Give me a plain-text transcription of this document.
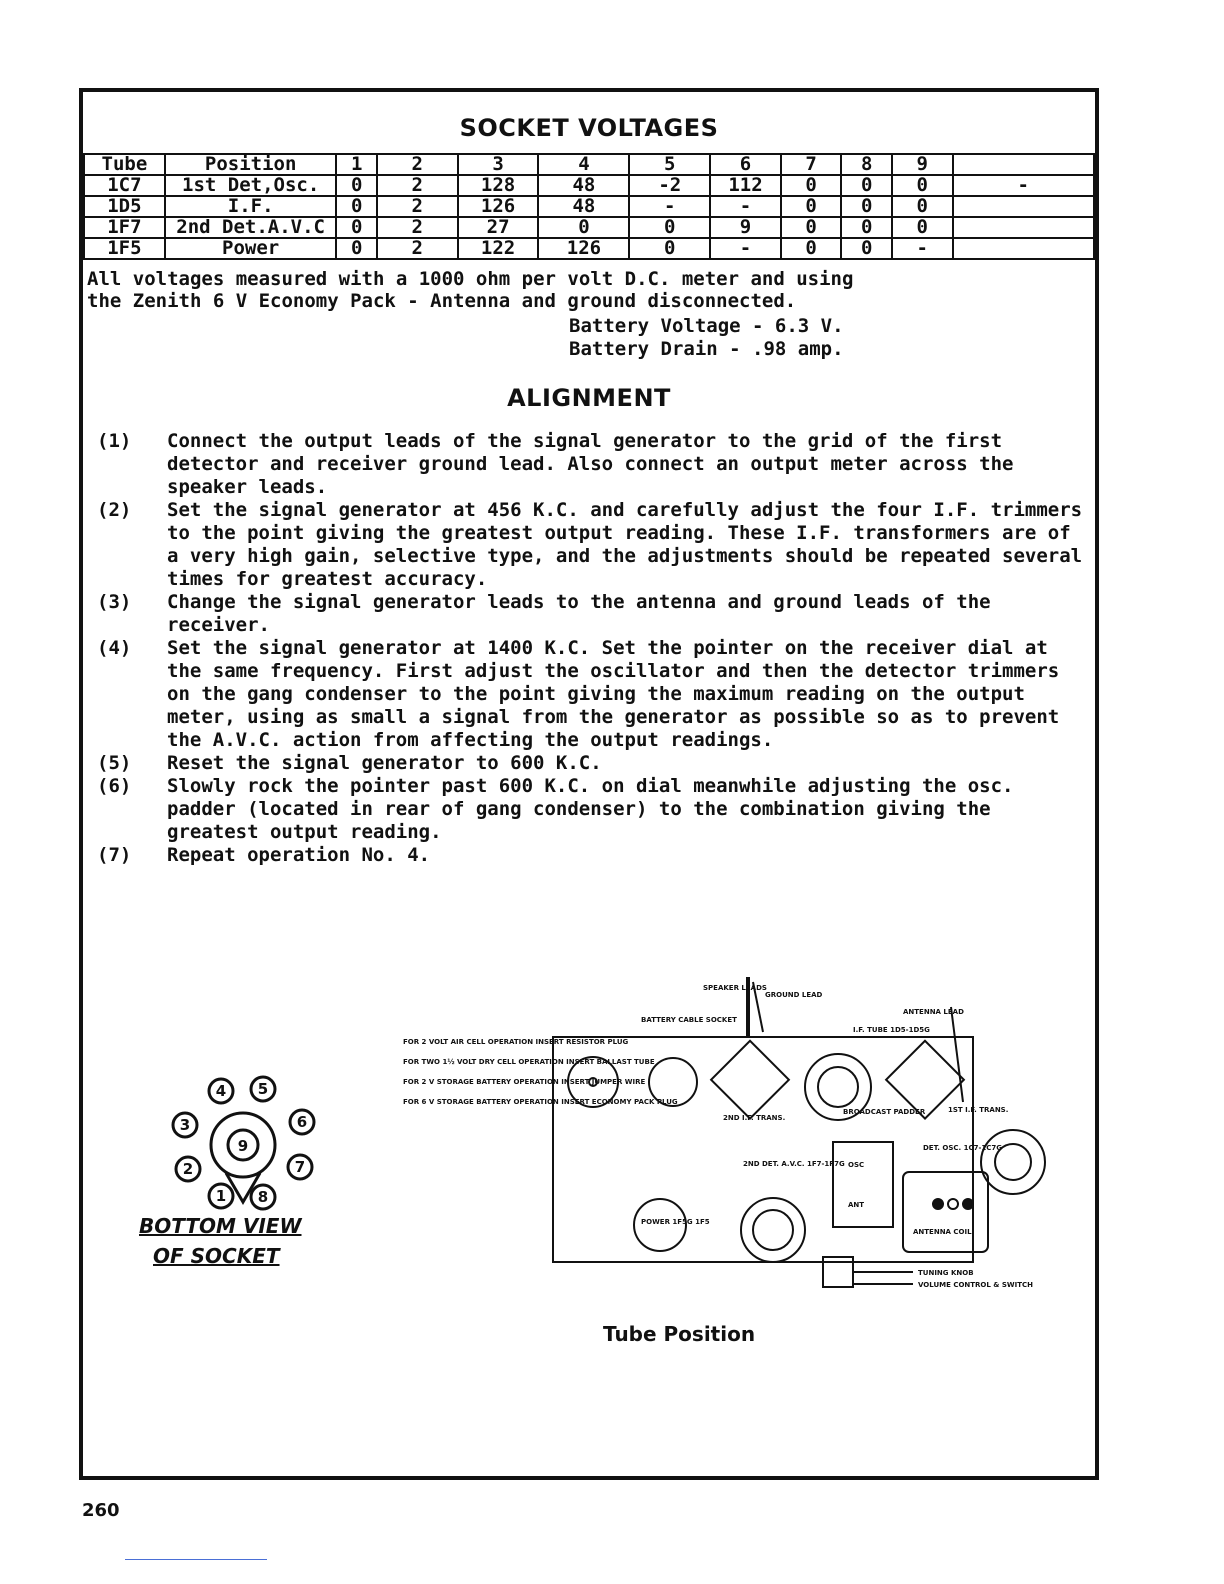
SOCKET VOLTAGES
Tube	Position	1	2	3	4	5	6	7	8	9	
1C7	1st Det,Osc.	0	2	128	48	-2	112	0	0	0	-
1D5	I.F.	0	2	126	48	-	-	0	0	0	
1F7	2nd Det.A.V.C	0	2	27	0	0	9	0	0	0	
1F5	Power	0	2	122	126	0	-	0	0	-	
All voltages measured with a 1000 ohm per volt D.C. meter and using
the Zenith 6 V Economy Pack - Antenna and ground disconnected.
Battery Voltage - 6.3 V.
Battery Drain - .98 amp.
ALIGNMENT
(1)	Connect the output leads of the signal generator to the grid of the first detector and receiver ground lead. Also connect an output meter across the speaker leads.
(2)	Set the signal generator at 456 K.C. and carefully adjust the four I.F. trimmers to the point giving the greatest output reading. These I.F. transformers are of a very high gain, selective type, and the adjustments should be repeated several times for greatest accuracy.
(3)	Change the signal generator leads to the antenna and ground leads of the receiver.
(4)	Set the signal generator at 1400 K.C. Set the pointer on the receiver dial at the same frequency. First adjust the oscillator and then the detector trimmers on the gang condenser to the point giving the maximum reading on the output meter, using as small a signal from the generator as possible so as to prevent the A.V.C. action from affecting the output readings.
(5)	Reset the signal generator to 600 K.C.
(6)	Slowly rock the pointer past 600 K.C. on dial meanwhile adjusting the osc. padder (located in rear of gang condenser) to the combination giving the greatest output reading.
(7)	Repeat operation No. 4.
4 5
3	6
9
2	7
1 8
BOTTOM VIEW
OF SOCKET
SPEAKER LEADS
GROUND LEAD
ANTENNA LEAD
BATTERY CABLE SOCKET
I.F. TUBE 1D5-1D5G
FOR 2 VOLT AIR CELL OPERATION INSERT RESISTOR PLUG
FOR TWO 1½ VOLT DRY CELL OPERATION INSERT BALLAST TUBE
FOR 2 V STORAGE BATTERY OPERATION INSERT JUMPER WIRE
FOR 6 V STORAGE BATTERY OPERATION INSERT ECONOMY PACK PLUG
2ND I.F. TRANS.
BROADCAST PADDER	1ST I.F. TRANS.
DET. OSC. 1C7-1C7G
2ND DET. A.V.C. 1F7-1F7G
POWER 1F5G 1F5
ANTENNA COIL
OSC
ANT
TUNING KNOB
VOLUME CONTROL & SWITCH
Tube Position
260
